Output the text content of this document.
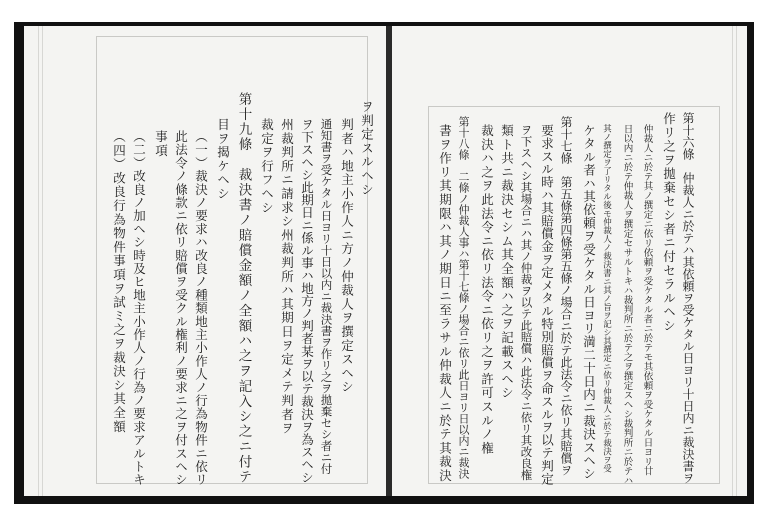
ヲ判定スルヘシ
判者ハ地主小作人ニ方ノ仲裁人ヲ撰定スヘシ
通知書ヲ受ケタル日ヨリ十日以内ニ裁決書ヲ作リ之ヲ拋棄セシ者ニ付
ヲ下スヘシ此期日ニ係ル事ハ地方ノ判者某ヲ以テ裁決ヲ為スヘシ
州裁判所ニ請求シ州裁判所ハ其期日ヲ定メテ判者ヲ
裁定ヲ行フヘシ
第十九條　裁決書ノ賠償金額ノ全額ハ之ヲ記入シ之ニ付テ
目ヲ揭ケヘシ
（一）裁決ノ要求ハ改良ノ種類地主小作人ノ行為物件ニ依リ
此法令ノ條款ニ依リ賠償ヲ受クル権利ノ要求ニ之ヲ付スヘシ
事項
（二）改良ノ加ヘシ時及ヒ地主小作人ノ行為ノ要求アルトキ
（四）改良行為物件事項ヲ試ミ之ヲ裁決シ其全額	第十六條　仲裁人ニ於テハ其依頼ヲ受ケタル日ヨリ十日内ニ裁決書ヲ
作リ之ヲ拋棄セシ者ニ付セラルヘシ
仲裁人ニ於テ其ノ撰定ニ依リ依頼ヲ受ケタル者ニ於テモ其依頼ヲ受ケタル日ヨリ廿
日以内ニ於テ仲裁人ヲ撰定セサルトキハ裁判所ニ於テ之ヲ撰定スヘシ裁判所ニ於テハ
其ノ撰定ヲ了リタル後モ仲裁人ノ裁決書ニ其ノ旨ヲ記シ其撰定ニ依リ仲裁人ニ於テ裁決ヲ受
ケタル者ハ其依頼ヲ受ケタル日ヨリ満二十日内ニ裁決スヘシ
第十七條　第五條第四條第五條ノ場合ニ於テ此法令ニ依リ其賠償ヲ
要求スル時ハ其賠償金ヲ定メタル特別賠償ヲ命スルヲ以テ判定
ヲ下スヘシ其場合ニハ其ノ仲裁ヲ以テ此賠償ハ此法令ニ依リ其改良権
類ト共ニ裁決セシム其全額ハ之ヲ記載スヘシ
裁決ハ之ヲ此法令ニ依リ法令ニ依リ之ヲ許可スルノ権
第十八條　二條ノ仲裁人事ハ第十七條ノ場合ニ依リ此日ヨリ日以内ニ裁決
書ヲ作リ其期限ハ其ノ期日ニ至ラサル仲裁人ニ於テ其裁決
